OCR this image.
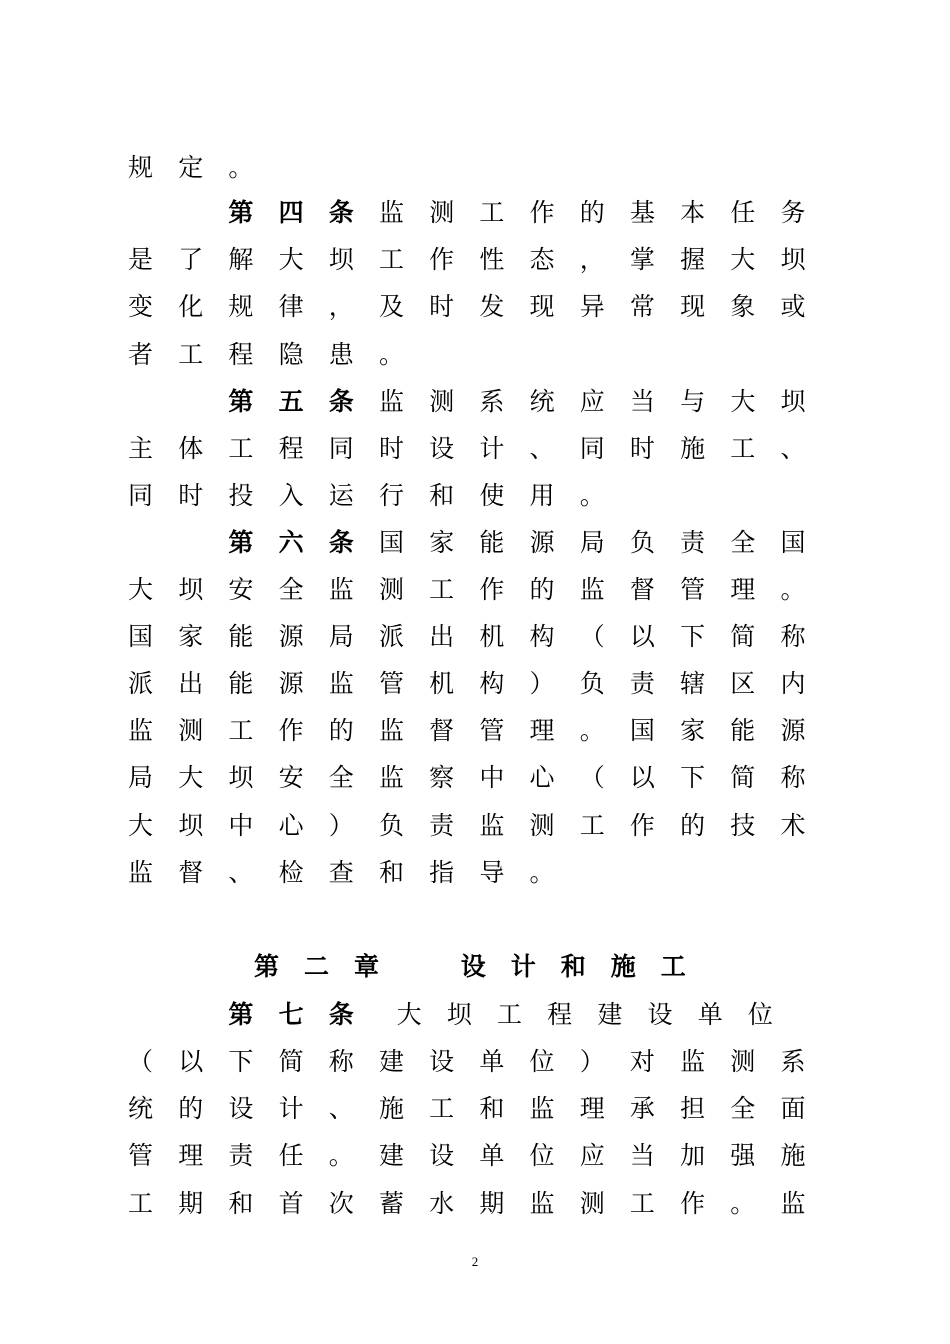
规 定 。
第 四 条	监 测 工 作 的 基 本 任 务
是 了 解 大 坝 工 作 性 态 ， 掌 握 大 坝
变 化 规 律 ， 及 时 发 现 异 常 现 象 或
者 工 程 隐 患 。
第 五 条	监 测 系 统 应 当 与 大 坝
主 体 工 程 同 时 设 计 、 同 时 施 工 、
同 时 投 入 运 行 和 使 用 。
第 六 条	国 家 能 源 局 负 责 全 国
大 坝 安 全 监 测 工 作 的 监 督 管 理 。
国 家 能 源 局 派 出 机 构 （ 以 下 简 称
派 出 能 源 监 管 机 构 ） 负 责 辖 区 内
监 测 工 作 的 监 督 管 理 。 国 家 能 源
局 大 坝 安 全 监 察 中 心 （ 以 下 简 称
大 坝 中 心 ） 负 责 监 测 工 作 的 技 术
监 督 、 检 查 和 指 导 。
第 二 章	设 计 和 施 工
第 七 条	大 坝 工 程 建 设 单 位
（ 以 下 简 称 建 设 单 位 ） 对 监 测 系
统 的 设 计 、 施 工 和 监 理 承 担 全 面
管 理 责 任 。 建 设 单 位 应 当 加 强 施
工 期 和 首 次 蓄 水 期 监 测 工 作 。 监
2
